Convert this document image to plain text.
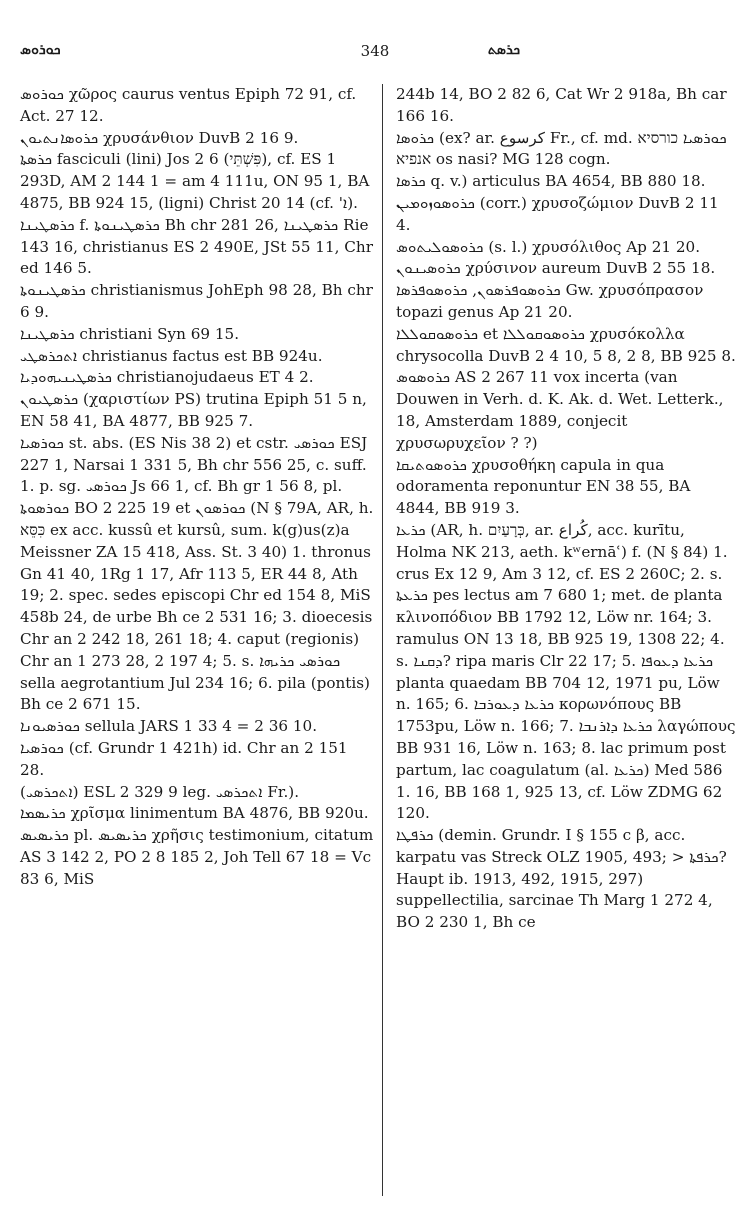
ܟܘܪܘܣ	348	ܟܪܣܬ

ܟܘܪܘܣ χῶρος caurus ventus Epiph 72 91, cf. Act. 27 12.

ܟܪܘܣܐܢܬܝܘܢ χρυσάνθιον DuvB 2 16 9.

ܟܪܣܬܐ fasciculi (lini) Jos 2 6 (פִּשְׁתֵּי), cf. ES 1 293D, AM 2 144 1 = am 4 111u, ON 95 1, BA 4875, BB 924 15, (ligni) Christ 20 14 (cf. 'ܐ).

ܟܪܣܛܝܢܐ f. ܟܪܣܛܝܢܘܬܐ Bh chr 281 26, ܟܪܣܛܝܢܐ Rie 143 16, christianus ES 2 490E, JSt 55 11, Chr ed 146 5.

ܟܪܣܛܝܢܘܬܐ christianismus JohEph 98 28, Bh chr 6 9.

ܟܪܣܛܝܢܐ christiani Syn 69 15.

ܐܬܟܪܣܛܝ christianus factus est BB 924u.

ܟܪܣܛܝܢܝܗܘܕܝܐ christianojudaeus ET 4 2.

ܟܪܣܛܝܘܢ (χαριστίων PS) trutina Epiph 51 5 n, EN 58 41, BA 4877, BB 925 7.

ܟܘܪܣܝܐ st. abs. (ES Nis 38 2) et cstr. ܟܘܪܣܝ ESJ 227 1, Narsai 1 331 5, Bh chr 556 25, c. suff. 1. p. sg. ܟܘܪܣܝ Js 66 1, cf. Bh gr 1 56 8, pl. ܟܘܪܣܘܬܐ BO 2 225 19 et ܟܘܪܣܘܢ (N § 79A, AR, h. כִּסֵּא ex acc. kussû et kursû, sum. k(g)us(z)a Meissner ZA 15 418, Ass. St. 3 40) 1. thronus Gn 41 40, 1Rg 1 17, Afr 113 5, ER 44 8, Ath 19; 2. spec. sedes episcopi Chr ed 154 8, MiS 458b 24, de urbe Bh ce 2 531 16; 3. dioecesis Chr an 2 242 18, 261 18; 4. caput (regionis) Chr an 1 273 28, 2 197 4; 5. s. ܟܘܪܣܝ ܟܪܝܗܐ sella aegrotantium Jul 234 16; 6. pila (pontis) Bh ce 2 671 15.

ܟܘܪܣܝܘܢܐ sellula JARS 1 33 4 = 2 36 10.

ܟܘܪܣܝܐ (cf. Grundr 1 421h) id. Chr an 2 151 28.

(ܐܬܟܪܣܝ) ESL 2 329 9 leg. ܐܬܟܪܣܝ Fr.).

ܟܪܝܣܡܐ χρῖσμα linimentum BA 4876, BB 920u.

ܟܪܝܣܝܣ pl. ܟܪܝܣܝܣ χρῆσις testimonium, citatum AS 3 142 2, PO 2 8 185 2, Joh Tell 67 18 = Vc 83 6, MiS

244b 14, BO 2 82 6, Cat Wr 2 918a, Bh car 166 16.

ܟܪܘܣܐ (ex? ar. كرسوع Fr., cf. md. ܟܘܪܣܝܐ כורסיא אנפיא os nasi? MG 128 cogn.

ܟܪܣܐ q. v.) articulus BA 4654, BB 880 18.

ܟܪܘܣܘܙܘܡܝܢ (corr.) χρυσοζώμιον DuvB 2 11 4.

ܟܪܘܣܘܠܝܬܘܣ (s. l.) χρυσόλιθος Ap 21 20.

ܟܪܘܣܝܢܘܢ χρύσινον aureum DuvB 2 55 18.

ܟܪܘܣܘܦܪܣܘܢ, ܟܪܘܣܘܦܪܣܐ Gw. χρυσόπρασον topazi genus Ap 21 20.

ܟܪܘܣܘܩܘܠܠܐ et ܟܪܘܣܘܩܘܠܠܐ χρυσόκολλα chrysocolla DuvB 2 4 10, 5 8, 2 8, BB 925 8.

ܟܪܘܣܘܣ AS 2 267 11 vox incerta (van Douwen in Verh. d. K. Ak. d. Wet. Letterk., 18, Amsterdam 1889, conjecit χρυσωρυχεῖον ? ?)

ܟܪܘܣܘܬܝܩܐ χρυσοθήκη capula in qua odoramenta reponuntur EN 38 55, BA 4844, BB 919 3.

ܟܪܥܐ (AR, h. כְּרָעַיִם, ar. كُراع, acc. kurītu, Holma NK 213, aeth. kʷernāʿ) f. (N § 84) 1. crus Ex 12 9, Am 3 12, cf. ES 2 260C; 2. s. ܟܪܥܬܐ pes lectus am 7 680 1; met. de planta κλινοπόδιον BB 1792 12, Löw nr. 164; 3. ramulus ON 13 18, BB 925 19, 1308 22; 4. s. ܕܩܢܐ? ripa maris Clr 22 17; 5. ܟܪܥܐ ܕܥܘܦܐ planta quaedam BB 704 12, 1971 pu, Löw n. 165; 6. ܟܪܥܐ ܕܥܘܪܒܐ κορωνόπους BB 1753pu, Löw n. 166; 7. ܟܪܥܐ ܕܐܪܢܒܐ λαγώπους BB 931 16, Löw n. 163; 8. lac primum post partum, lac coagulatum (al. ܟܪܥܐ) Med 586 1. 16, BB 168 1, 925 13, cf. Löw ZDMG 62 120.

ܟܪܦܛܐ (demin. Grundr. I § 155 c β, acc. karpatu vas Streck OLZ 1905, 493; > ܟܪܦܬܐ? Haupt ib. 1913, 492, 1915, 297) suppellectilia, sarcinae Th Marg 1 272 4, BO 2 230 1, Bh ce
